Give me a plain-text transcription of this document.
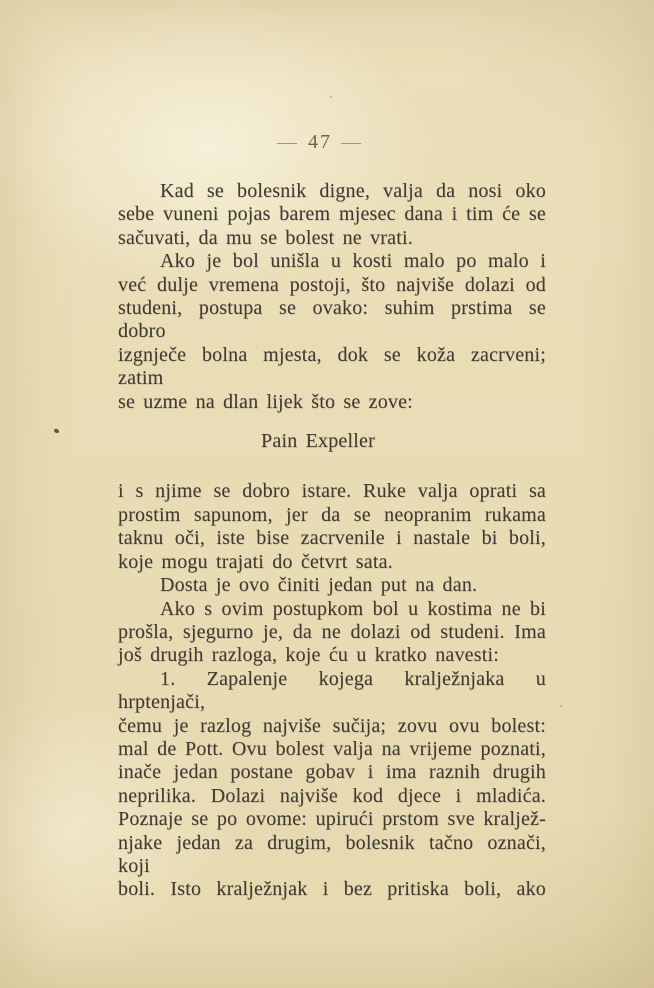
— 47 —
Kad se bolesnik digne, valja da nosi oko
sebe vuneni pojas barem mjesec dana i tim će se
sačuvati, da mu se bolest ne vrati.
Ako je bol unišla u kosti malo po malo i
već dulje vremena postoji, što najviše dolazi od
studeni, postupa se ovako: suhim prstima se dobro
izgnječe bolna mjesta, dok se koža zacrveni; zatim
se uzme na dlan lijek što se zove:
Pain Expeller
i s njime se dobro istare. Ruke valja oprati sa
prostim sapunom, jer da se neopranim rukama
taknu oči, iste bise zacrvenile i nastale bi boli,
koje mogu trajati do četvrt sata.
Dosta je ovo činiti jedan put na dan.
Ako s ovim postupkom bol u kostima ne bi
prošla, sjegurno je, da ne dolazi od studeni. Ima
još drugih razloga, koje ću u kratko navesti:
1. Zapalenje kojega kralježnjaka u hrptenjači,
čemu je razlog najviše sučija; zovu ovu bolest:
mal de Pott. Ovu bolest valja na vrijeme poznati,
inače jedan postane gobav i ima raznih drugih
neprilika. Dolazi najviše kod djece i mladića.
Poznaje se po ovome: upirući prstom sve kraljež-
njake jedan za drugim, bolesnik tačno označi, koji
boli. Isto kralježnjak i bez pritiska boli, ako
